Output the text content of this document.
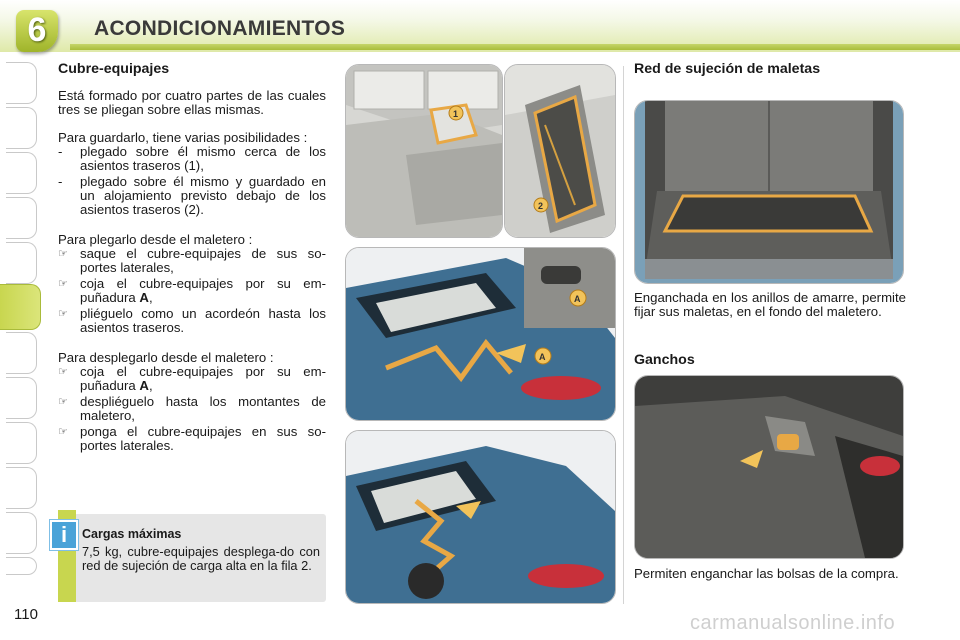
6	ACONDICIONAMIENTOS

Cubre-equipajes

Está formado por cuatro partes de las cuales tres se pliegan sobre ellas mismas.

Para guardarlo, tiene varias posibilidades :

-	plegado sobre él mismo cerca de los asientos traseros (1),
-	plegado sobre él mismo y guardado en un alojamiento previsto debajo de los asientos traseros (2).

Para plegarlo desde el maletero :

☞ saque el cubre-equipajes de sus so-portes laterales,
☞ coja el cubre-equipajes por su em-puñadura A,
☞ pliéguelo como un acordeón hasta los asientos traseros.

Para desplegarlo desde el maletero :

☞ coja el cubre-equipajes por su em-puñadura A,
☞ despliéguelo hasta los montantes de maletero,
☞ ponga el cubre-equipajes en sus so-portes laterales.
i	Cargas máximas
7,5 kg, cubre-equipajes desplega-do con red de sujeción de carga alta en la fila 2.
1
2
A
A

Red de sujeción de maletas

Enganchada en los anillos de amarre, permite fijar sus maletas, en el fondo del maletero.

Ganchos

Permiten enganchar las bolsas de la compra.

110	carmanualsonline.info
